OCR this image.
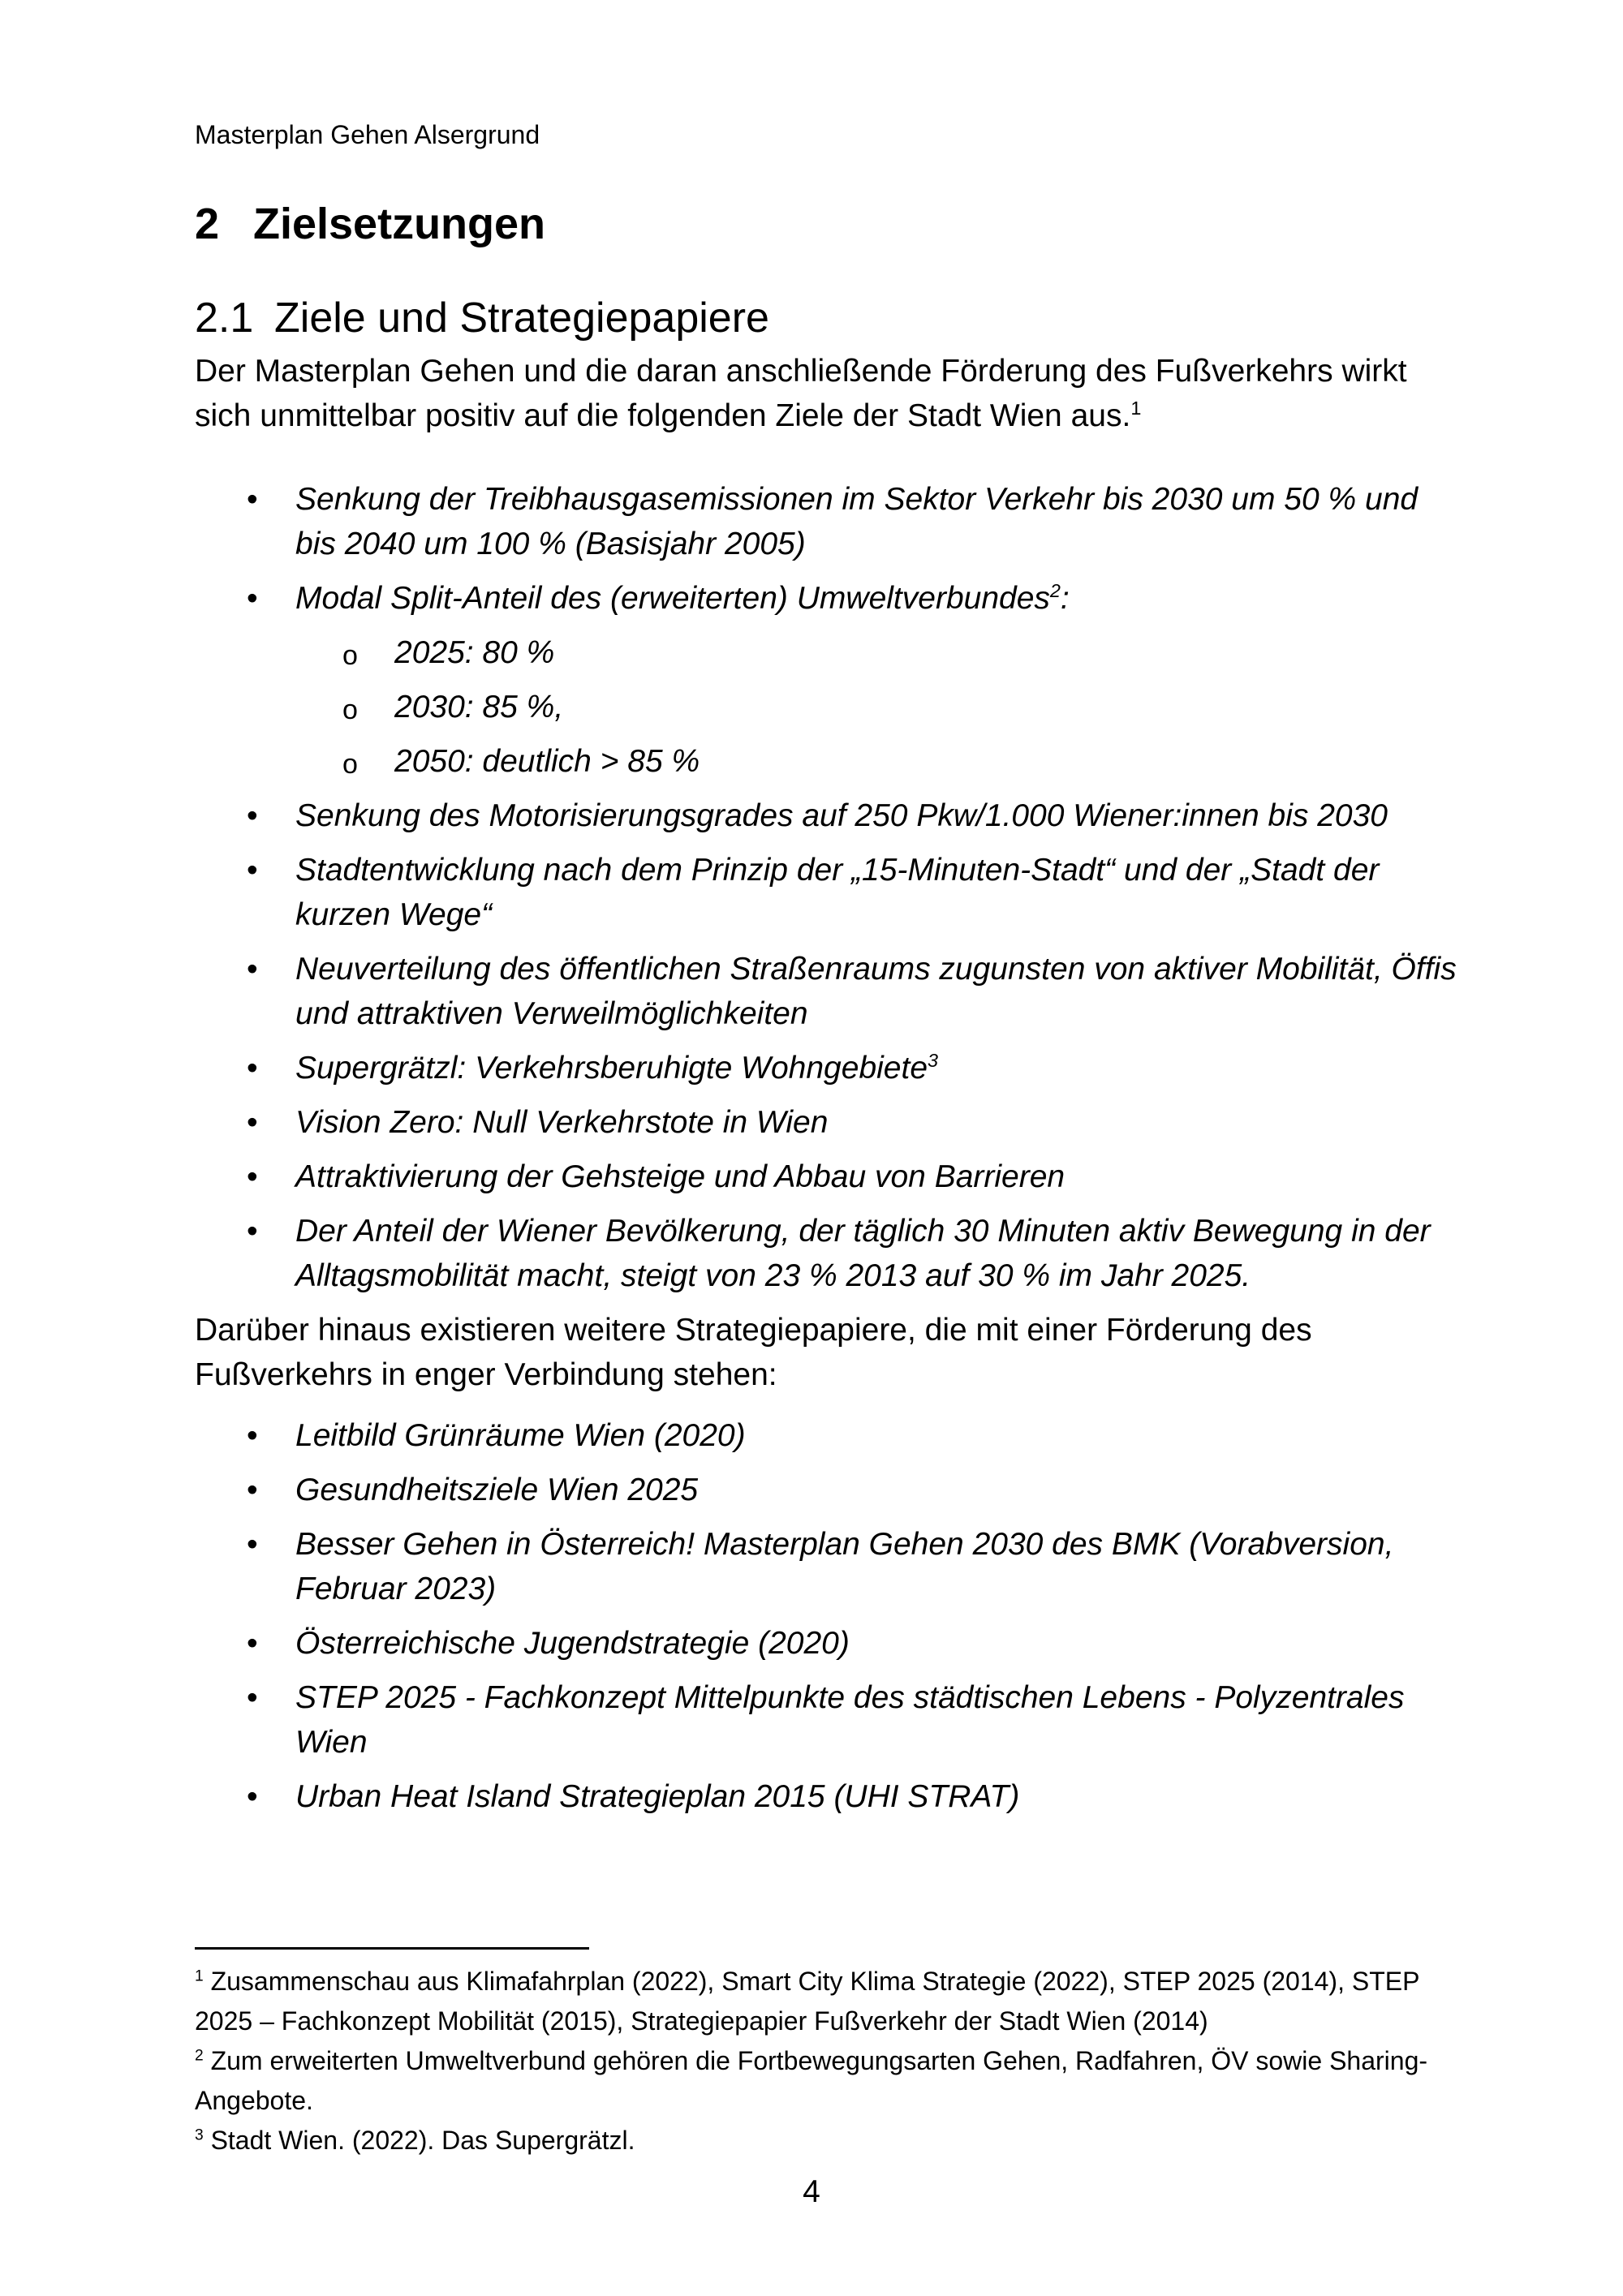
Masterplan Gehen Alsergrund
2 Zielsetzungen
2.1 Ziele und Strategiepapiere

Der Masterplan Gehen und die daran anschließende Förderung des Fußverkehrs wirkt sich unmittelbar positiv auf die folgenden Ziele der Stadt Wien aus.$^1$

• Senkung der Treibhausgasemissionen im Sektor Verkehr bis 2030 um 50 % und bis 2040 um 100 % (Basisjahr 2005)
• Modal Split-Anteil des (erweiterten) Umweltverbundes$^2$:
o 2025: 80 %
o 2030: 85 %,
o 2050: deutlich > 85 %
• Senkung des Motorisierungsgrades auf 250 Pkw/1.000 Wiener:innen bis 2030
• Stadtentwicklung nach dem Prinzip der „15-Minuten-Stadt“ und der „Stadt der kurzen Wege“
• Neuverteilung des öffentlichen Straßenraums zugunsten von aktiver Mobilität, Öffis und attraktiven Verweilmöglichkeiten
• Supergrätzl: Verkehrsberuhigte Wohngebiete$^3$
• Vision Zero: Null Verkehrstote in Wien
• Attraktivierung der Gehsteige und Abbau von Barrieren
• Der Anteil der Wiener Bevölkerung, der täglich 30 Minuten aktiv Bewegung in der Alltagsmobilität macht, steigt von 23 % 2013 auf 30 % im Jahr 2025.

Darüber hinaus existieren weitere Strategiepapiere, die mit einer Förderung des Fußverkehrs in enger Verbindung stehen:

• Leitbild Grünräume Wien (2020)
• Gesundheitsziele Wien 2025
• Besser Gehen in Österreich! Masterplan Gehen 2030 des BMK (Vorabversion, Februar 2023)
• Österreichische Jugendstrategie (2020)
• STEP 2025 - Fachkonzept Mittelpunkte des städtischen Lebens - Polyzentrales Wien
• Urban Heat Island Strategieplan 2015 (UHI STRAT)
$^1$ Zusammenschau aus Klimafahrplan (2022), Smart City Klima Strategie (2022), STEP 2025 (2014), STEP 2025 – Fachkonzept Mobilität (2015), Strategiepapier Fußverkehr der Stadt Wien (2014)
$^2$ Zum erweiterten Umweltverbund gehören die Fortbewegungsarten Gehen, Radfahren, ÖV sowie Sharing-Angebote.
$^3$ Stadt Wien. (2022). Das Supergrätzl.
4
